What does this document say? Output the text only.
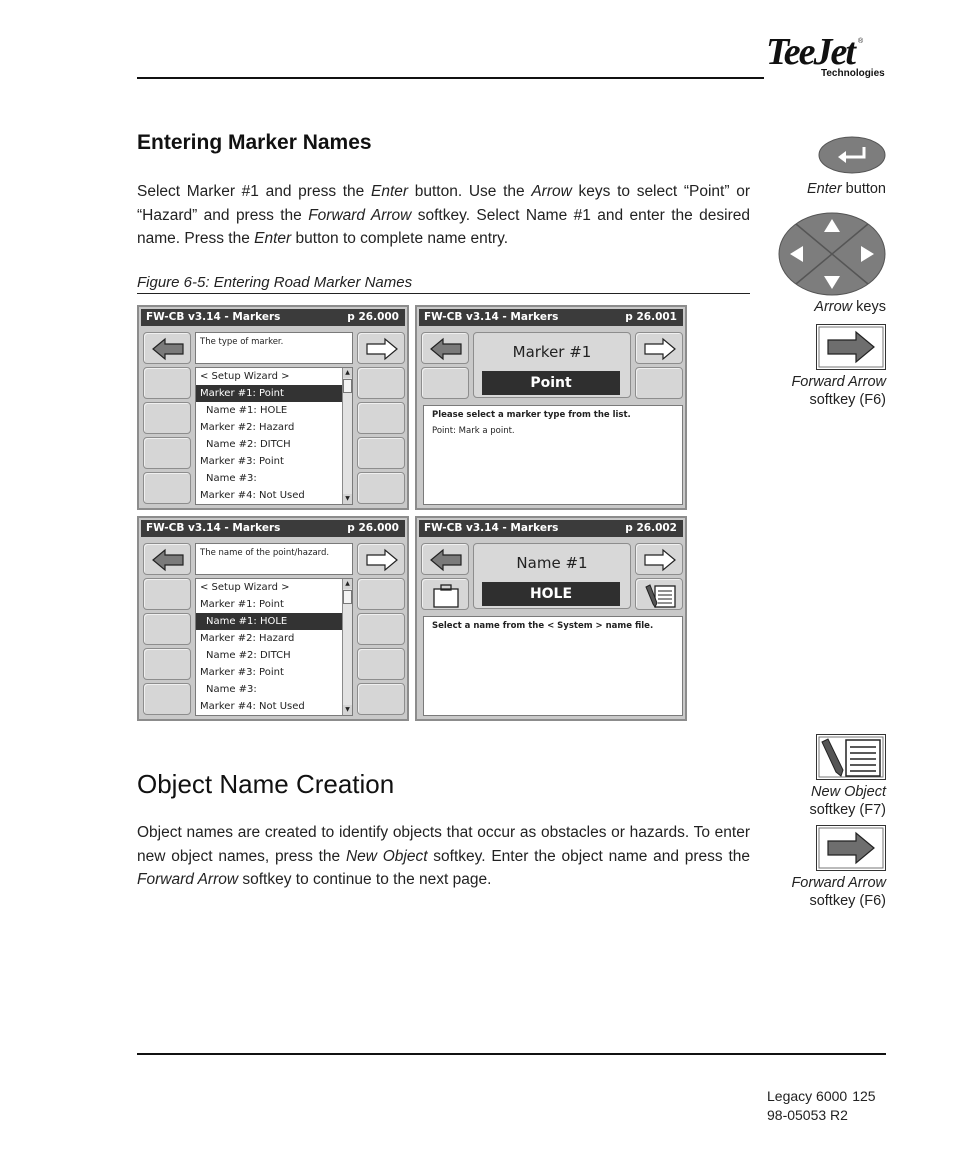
TeeJet ®
Technologies
Entering Marker Names

Select Marker #1 and press the Enter button. Use the Arrow keys to select “Point” or “Hazard” and press the Forward Arrow softkey. Select Name #1 and enter the desired name. Press the Enter button to complete name entry.

Figure 6-5: Entering Road Marker Names
FW-CB v3.14 - Markers	p 26.000
The type of marker.
< Setup Wizard >
Marker #1: Point
Name #1: HOLE
Marker #2: Hazard
Name #2: DITCH
Marker #3: Point
Name #3:
Marker #4: Not Used
▲
▼
FW-CB v3.14 - Markers	p 26.001
Marker #1
Point
Please select a marker type from the list.
Point: Mark a point.
FW-CB v3.14 - Markers	p 26.000
The name of the point/hazard.
< Setup Wizard >
Marker #1: Point
Name #1: HOLE
Marker #2: Hazard
Name #2: DITCH
Marker #3: Point
Name #3:
Marker #4: Not Used
▲
▼
FW-CB v3.14 - Markers	p 26.002
Name #1
HOLE
Select a name from the < System > name file.
Object Name Creation

Object names are created to identify objects that occur as obstacles or hazards. To enter new object names, press the New Object softkey. Enter the object name and press the Forward Arrow softkey to continue to the next page.

Enter button
Arrow keys
Forward Arrow
softkey (F6)
New Object
softkey (F7)
Forward Arrow
softkey (F6)
Legacy 6000 125
98-05053 R2
